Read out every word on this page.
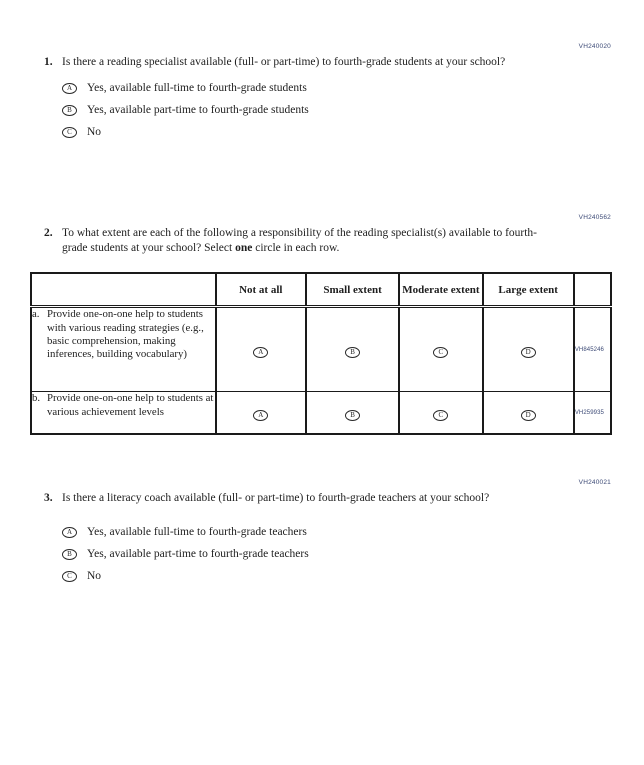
VH240020
1. Is there a reading specialist available (full- or part-time) to fourth-grade students at your school?
A Yes, available full-time to fourth-grade students
B Yes, available part-time to fourth-grade students
C No
VH240562
2. To what extent are each of the following a responsibility of the reading specialist(s) available to fourth-grade students at your school? Select one circle in each row.
	Not at all	Small extent	Moderate extent	Large extent	

a. Provide one-on-one help to students with various reading strategies (e.g., basic comprehension, making inferences, building vocabulary)	A	B	C	D	VH845246

b. Provide one-on-one help to students at various achievement levels	A	B	C	D	VH259935
VH240021
3. Is there a literacy coach available (full- or part-time) to fourth-grade teachers at your school?
A Yes, available full-time to fourth-grade teachers
B Yes, available part-time to fourth-grade teachers
C No
